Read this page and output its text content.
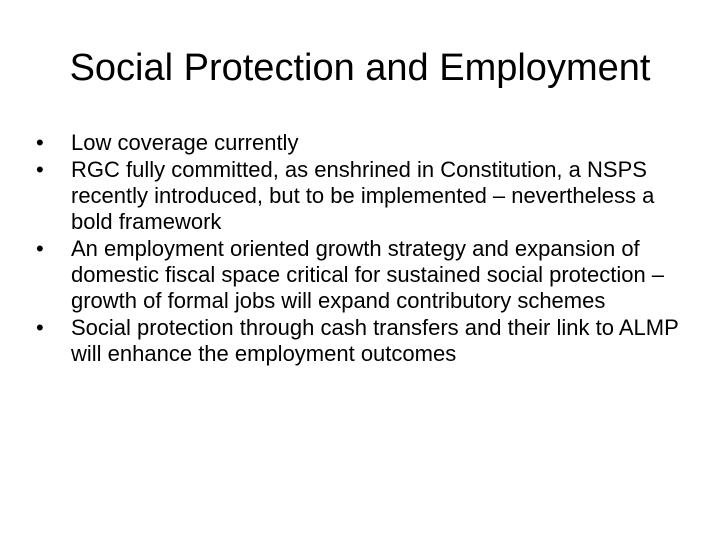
Social Protection and Employment
•	Low coverage currently
•	RGC fully committed, as enshrined in Constitution, a NSPS recently introduced, but to be implemented – nevertheless a bold framework
•	An employment oriented growth strategy and expansion of domestic fiscal space critical for sustained social protection – growth of formal jobs will expand contributory schemes
•	Social protection through cash transfers and their link to ALMP will enhance the employment outcomes
